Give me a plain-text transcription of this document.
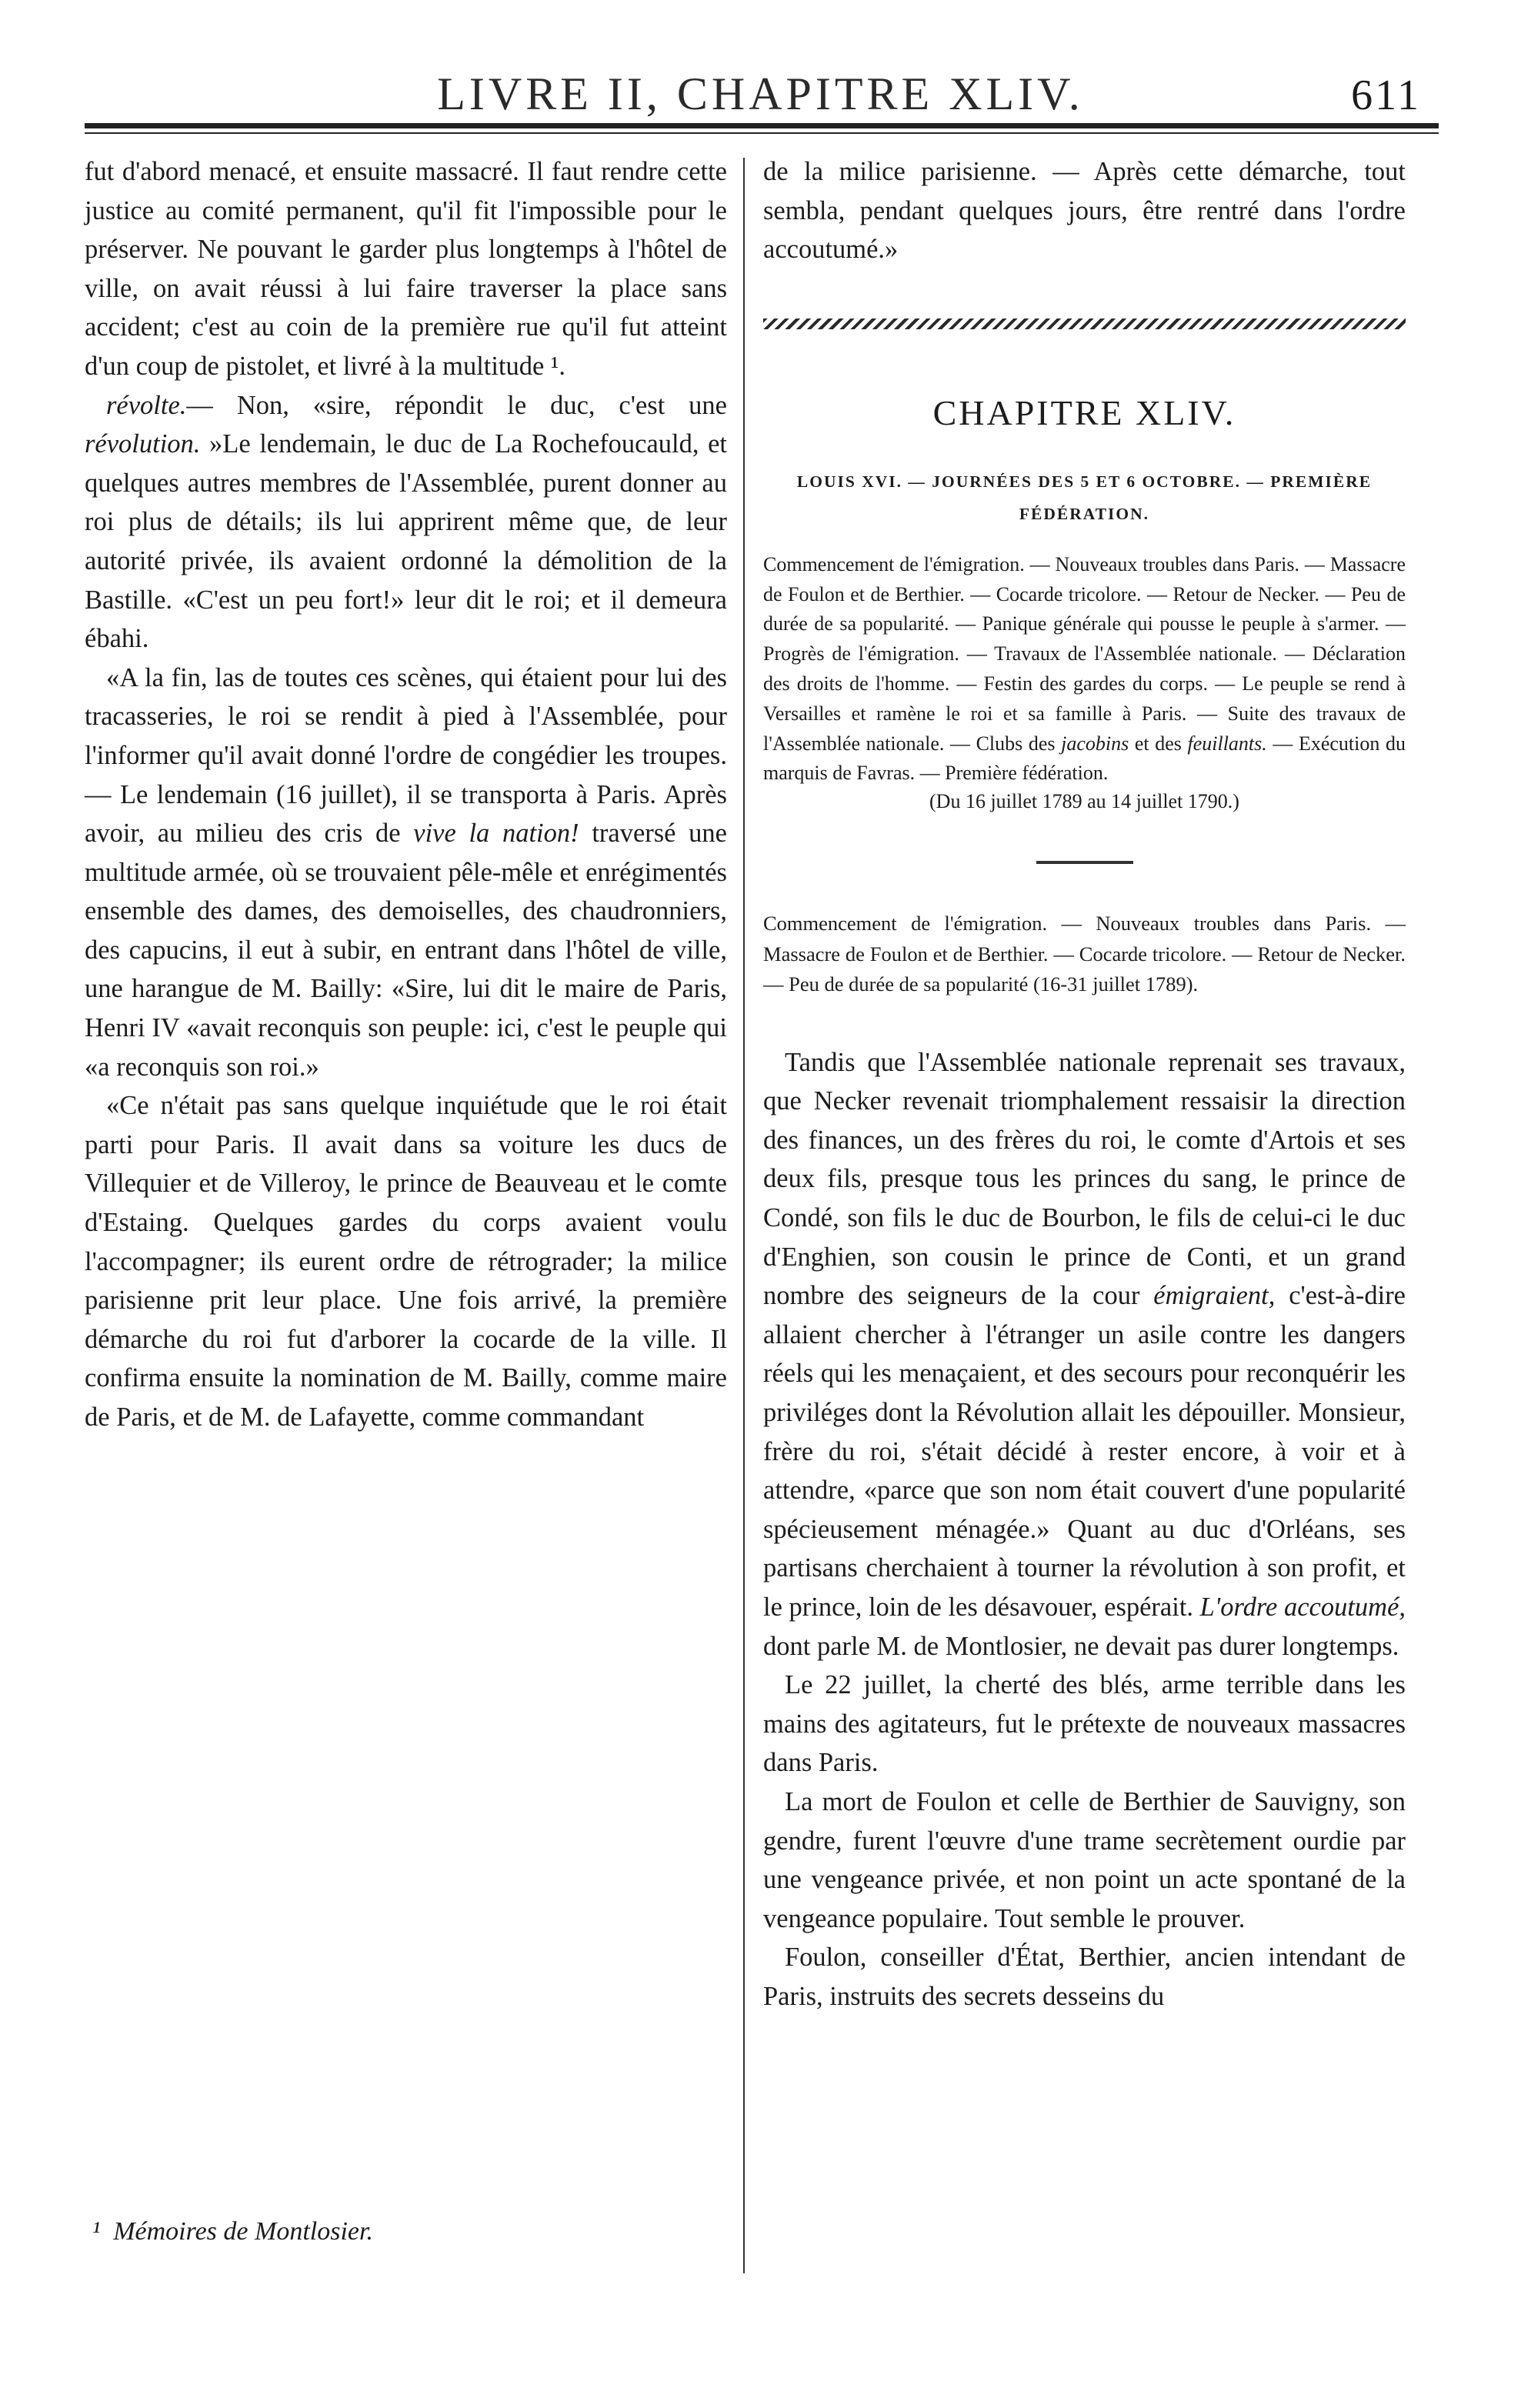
LIVRE II, CHAPITRE XLIV.	611

fut d'abord menacé, et ensuite massacré. Il faut rendre cette justice au comité permanent, qu'il fit l'impossible pour le préserver. Ne pouvant le garder plus longtemps à l'hôtel de ville, on avait réussi à lui faire traverser la place sans accident; c'est au coin de la première rue qu'il fut atteint d'un coup de pistolet, et livré à la multitude ¹.

révolte.— Non, «sire, répondit le duc, c'est une révolution. »Le lendemain, le duc de La Rochefoucauld, et quelques autres membres de l'Assemblée, purent donner au roi plus de détails; ils lui apprirent même que, de leur autorité privée, ils avaient ordonné la démolition de la Bastille. «C'est un peu fort!» leur dit le roi; et il demeura ébahi.

«A la fin, las de toutes ces scènes, qui étaient pour lui des tracasseries, le roi se rendit à pied à l'Assemblée, pour l'informer qu'il avait donné l'ordre de congédier les troupes. — Le lendemain (16 juillet), il se transporta à Paris. Après avoir, au milieu des cris de vive la nation! traversé une multitude armée, où se trouvaient pêle-mêle et enrégimentés ensemble des dames, des demoiselles, des chaudronniers, des capucins, il eut à subir, en entrant dans l'hôtel de ville, une harangue de M. Bailly: «Sire, lui dit le maire de Paris, Henri IV «avait reconquis son peuple: ici, c'est le peuple qui «a reconquis son roi.»

«Ce n'était pas sans quelque inquiétude que le roi était parti pour Paris. Il avait dans sa voiture les ducs de Villequier et de Villeroy, le prince de Beauveau et le comte d'Estaing. Quelques gardes du corps avaient voulu l'accompagner; ils eurent ordre de rétrograder; la milice parisienne prit leur place. Une fois arrivé, la première démarche du roi fut d'arborer la cocarde de la ville. Il confirma ensuite la nomination de M. Bailly, comme maire de Paris, et de M. de Lafayette, comme commandant

¹ Mémoires de Montlosier.

de la milice parisienne. — Après cette démarche, tout sembla, pendant quelques jours, être rentré dans l'ordre accoutumé.»

CHAPITRE XLIV.
LOUIS XVI. — JOURNÉES DES 5 ET 6 OCTOBRE. — PREMIÈRE FÉDÉRATION.
Commencement de l'émigration. — Nouveaux troubles dans Paris. — Massacre de Foulon et de Berthier. — Cocarde tricolore. — Retour de Necker. — Peu de durée de sa popularité. — Panique générale qui pousse le peuple à s'armer. — Progrès de l'émigration. — Travaux de l'Assemblée nationale. — Déclaration des droits de l'homme. — Festin des gardes du corps. — Le peuple se rend à Versailles et ramène le roi et sa famille à Paris. — Suite des travaux de l'Assemblée nationale. — Clubs des jacobins et des feuillants. — Exécution du marquis de Favras. — Première fédération.
(Du 16 juillet 1789 au 14 juillet 1790.)
Commencement de l'émigration. — Nouveaux troubles dans Paris. — Massacre de Foulon et de Berthier. — Cocarde tricolore. — Retour de Necker. — Peu de durée de sa popularité (16-31 juillet 1789).

Tandis que l'Assemblée nationale reprenait ses travaux, que Necker revenait triomphalement ressaisir la direction des finances, un des frères du roi, le comte d'Artois et ses deux fils, presque tous les princes du sang, le prince de Condé, son fils le duc de Bourbon, le fils de celui-ci le duc d'Enghien, son cousin le prince de Conti, et un grand nombre des seigneurs de la cour émigraient, c'est-à-dire allaient chercher à l'étranger un asile contre les dangers réels qui les menaçaient, et des secours pour reconquérir les priviléges dont la Révolution allait les dépouiller. Monsieur, frère du roi, s'était décidé à rester encore, à voir et à attendre, «parce que son nom était couvert d'une popularité spécieusement ménagée.» Quant au duc d'Orléans, ses partisans cherchaient à tourner la révolution à son profit, et le prince, loin de les désavouer, espérait. L'ordre accoutumé, dont parle M. de Montlosier, ne devait pas durer longtemps.

Le 22 juillet, la cherté des blés, arme terrible dans les mains des agitateurs, fut le prétexte de nouveaux massacres dans Paris.

La mort de Foulon et celle de Berthier de Sauvigny, son gendre, furent l'œuvre d'une trame secrètement ourdie par une vengeance privée, et non point un acte spontané de la vengeance populaire. Tout semble le prouver.

Foulon, conseiller d'État, Berthier, ancien intendant de Paris, instruits des secrets desseins du
